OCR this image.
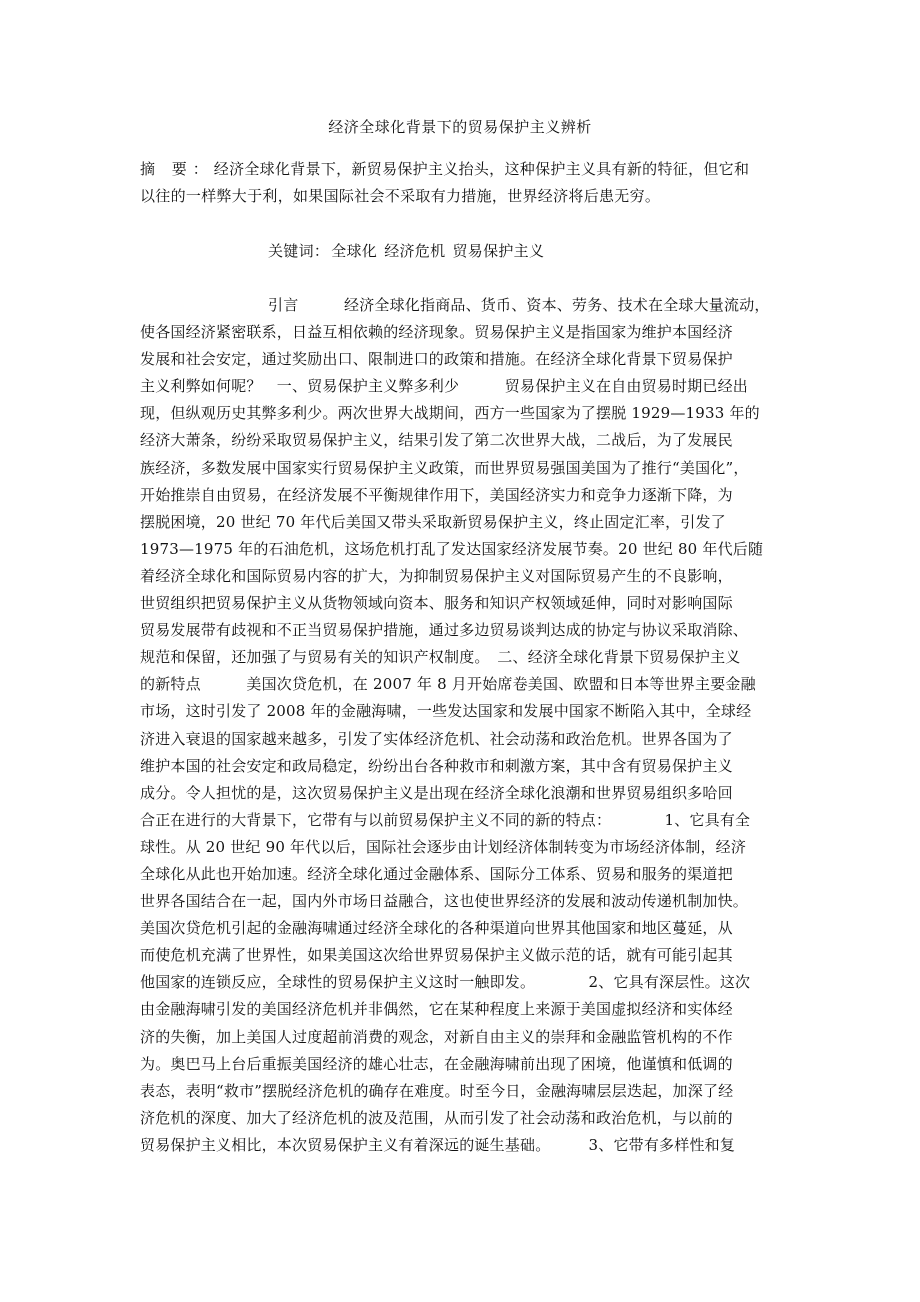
经济全球化背景下的贸易保护主义辨析
摘 要：经济全球化背景下，新贸易保护主义抬头，这种保护主义具有新的特征，但它和
以往的一样弊大于利，如果国际社会不采取有力措施，世界经济将后患无穷。
关键词： 全球化 经济危机 贸易保护主义
引言　　　经济全球化指商品、货币、资本、劳务、技术在全球大量流动，
使各国经济紧密联系，日益互相依赖的经济现象。贸易保护主义是指国家为维护本国经济
发展和社会安定，通过奖励出口、限制进口的政策和措施。在经济全球化背景下贸易保护
主义利弊如何呢？　一、贸易保护主义弊多利少　　　贸易保护主义在自由贸易时期已经出
现，但纵观历史其弊多利少。两次世界大战期间，西方一些国家为了摆脱 1929—1933 年的
经济大萧条，纷纷采取贸易保护主义，结果引发了第二次世界大战，二战后，为了发展民
族经济，多数发展中国家实行贸易保护主义政策，而世界贸易强国美国为了推行“美国化”，
开始推崇自由贸易，在经济发展不平衡规律作用下，美国经济实力和竞争力逐渐下降，为
摆脱困境，20 世纪 70 年代后美国又带头采取新贸易保护主义，终止固定汇率，引发了
1973—1975 年的石油危机，这场危机打乱了发达国家经济发展节奏。20 世纪 80 年代后随
着经济全球化和国际贸易内容的扩大，为抑制贸易保护主义对国际贸易产生的不良影响，
世贸组织把贸易保护主义从货物领域向资本、服务和知识产权领域延伸，同时对影响国际
贸易发展带有歧视和不正当贸易保护措施，通过多边贸易谈判达成的协定与协议采取消除、
规范和保留，还加强了与贸易有关的知识产权制度。　二、经济全球化背景下贸易保护主义
的新特点　　　美国次贷危机，在 2007 年 8 月开始席卷美国、欧盟和日本等世界主要金融
市场，这时引发了 2008 年的金融海啸，一些发达国家和发展中国家不断陷入其中，全球经
济进入衰退的国家越来越多，引发了实体经济危机、社会动荡和政治危机。世界各国为了
维护本国的社会安定和政局稳定，纷纷出台各种救市和刺激方案，其中含有贸易保护主义
成分。令人担忧的是，这次贸易保护主义是出现在经济全球化浪潮和世界贸易组织多哈回
合正在进行的大背景下，它带有与以前贸易保护主义不同的新的特点：　　　　1、它具有全
球性。从 20 世纪 90 年代以后，国际社会逐步由计划经济体制转变为市场经济体制，经济
全球化从此也开始加速。经济全球化通过金融体系、国际分工体系、贸易和服务的渠道把
世界各国结合在一起，国内外市场日益融合，这也使世界经济的发展和波动传递机制加快。
美国次贷危机引起的金融海啸通过经济全球化的各种渠道向世界其他国家和地区蔓延，从
而使危机充满了世界性，如果美国这次给世界贸易保护主义做示范的话，就有可能引起其
他国家的连锁反应，全球性的贸易保护主义这时一触即发。　　　　2、它具有深层性。这次
由金融海啸引发的美国经济危机并非偶然，它在某种程度上来源于美国虚拟经济和实体经
济的失衡，加上美国人过度超前消费的观念，对新自由主义的崇拜和金融监管机构的不作
为。奥巴马上台后重振美国经济的雄心壮志，在金融海啸前出现了困境，他谨慎和低调的
表态，表明“救市”摆脱经济危机的确存在难度。时至今日，金融海啸层层迭起，加深了经
济危机的深度、加大了经济危机的波及范围，从而引发了社会动荡和政治危机，与以前的
贸易保护主义相比，本次贸易保护主义有着深远的诞生基础。　　　3、它带有多样性和复
